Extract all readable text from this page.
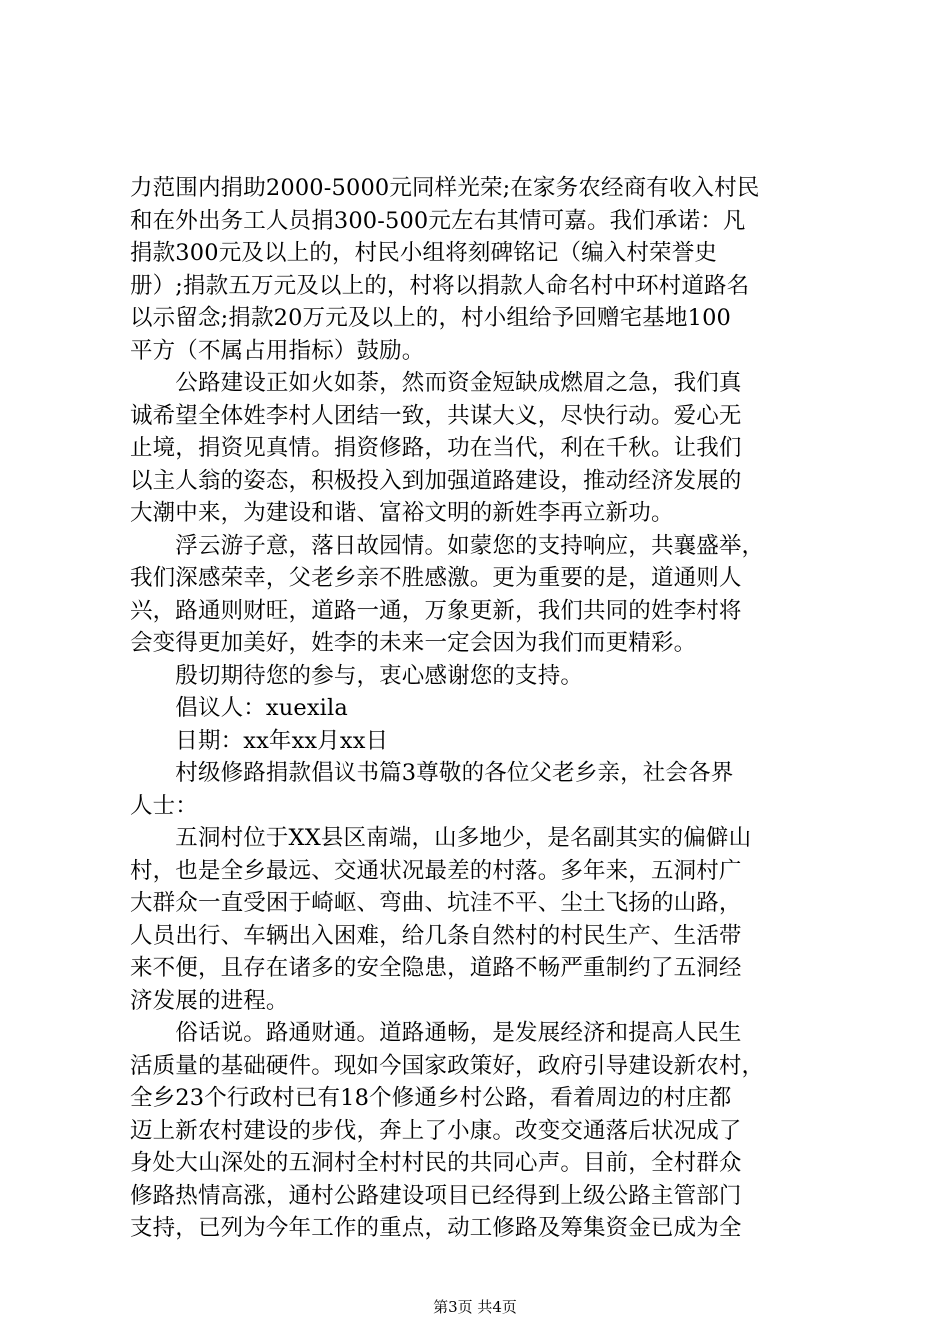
力范围内捐助2000-5000元同样光荣;在家务农经商有收入村民
和在外出务工人员捐300-500元左右其情可嘉。我们承诺：凡
捐款300元及以上的，村民小组将刻碑铭记（编入村荣誉史
册）;捐款五万元及以上的，村将以捐款人命名村中环村道路名
以示留念;捐款20万元及以上的，村小组给予回赠宅基地100
平方（不属占用指标）鼓励。
　　公路建设正如火如荼，然而资金短缺成燃眉之急，我们真
诚希望全体姓李村人团结一致，共谋大义，尽快行动。爱心无
止境，捐资见真情。捐资修路，功在当代，利在千秋。让我们
以主人翁的姿态，积极投入到加强道路建设，推动经济发展的
大潮中来，为建设和谐、富裕文明的新姓李再立新功。
　　浮云游子意，落日故园情。如蒙您的支持响应，共襄盛举，
我们深感荣幸，父老乡亲不胜感激。更为重要的是，道通则人
兴，路通则财旺，道路一通，万象更新，我们共同的姓李村将
会变得更加美好，姓李的未来一定会因为我们而更精彩。
　　殷切期待您的参与，衷心感谢您的支持。
　　倡议人：xuexila
　　日期：xx年xx月xx日
　　村级修路捐款倡议书篇3尊敬的各位父老乡亲，社会各界
人士：
　　五洞村位于XX县区南端，山多地少，是名副其实的偏僻山
村，也是全乡最远、交通状况最差的村落。多年来，五洞村广
大群众一直受困于崎岖、弯曲、坑洼不平、尘土飞扬的山路，
人员出行、车辆出入困难，给几条自然村的村民生产、生活带
来不便，且存在诸多的安全隐患，道路不畅严重制约了五洞经
济发展的进程。
　　俗话说。路通财通。道路通畅，是发展经济和提高人民生
活质量的基础硬件。现如今国家政策好，政府引导建设新农村，
全乡23个行政村已有18个修通乡村公路，看着周边的村庄都
迈上新农村建设的步伐，奔上了小康。改变交通落后状况成了
身处大山深处的五洞村全村村民的共同心声。目前，全村群众
修路热情高涨，通村公路建设项目已经得到上级公路主管部门
支持，已列为今年工作的重点，动工修路及筹集资金已成为全
第3页 共4页
